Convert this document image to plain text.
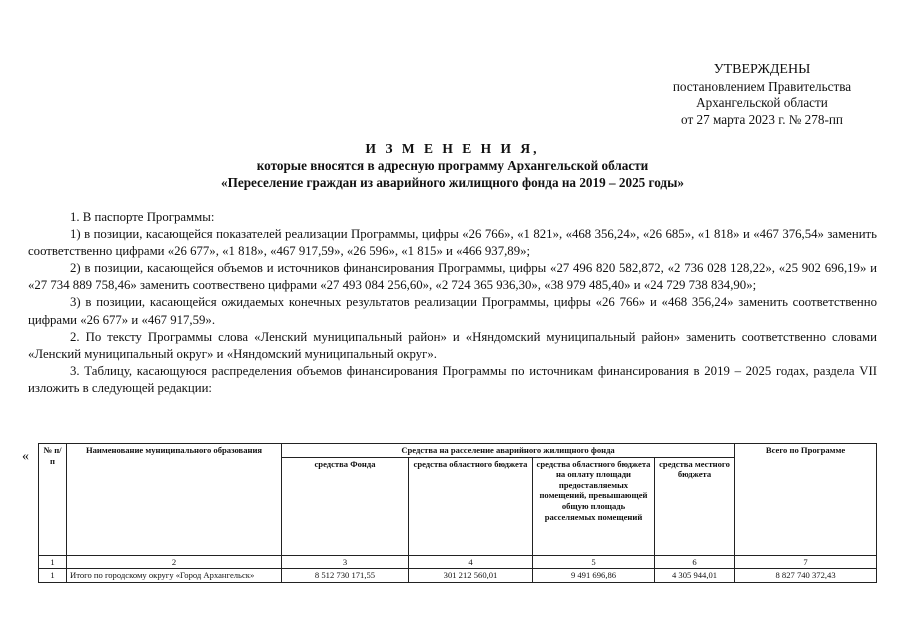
УТВЕРЖДЕНЫ
постановлением Правительства
Архангельской области
от 27 марта 2023 г. № 278-пп
И З М Е Н Е Н И Я,
которые вносятся в адресную программу Архангельской области
«Переселение граждан из аварийного жилищного фонда на 2019 – 2025 годы»

1. В паспорте Программы:

1) в позиции, касающейся показателей реализации Программы, цифры «26 766», «1 821», «468 356,24», «26 685», «1 818» и «467 376,54» заменить соответственно цифрами «26 677», «1 818», «467 917,59», «26 596», «1 815» и «466 937,89»;

2) в позиции, касающейся объемов и источников финансирования Программы, цифры «27 496 820 582,872, «2 736 028 128,22», «25 902 696,19» и «27 734 889 758,46» заменить соотвествено цифрами «27 493 084 256,60», «2 724 365 936,30», «38 979 485,40» и «24 729 738 834,90»;

3) в позиции, касающейся ожидаемых конечных результатов реализации Программы, цифры «26 766» и «468 356,24» заменить соответственно цифрами «26 677» и «467 917,59».

2. По тексту Программы слова «Ленский муниципальный район» и «Няндомский муниципальный район» заменить соответственно словами «Ленский муниципальный округ» и «Няндомский муниципальный округ».

3. Таблицу, касающуюся распределения объемов финансирования Программы по источникам финансирования в 2019 – 2025 годах, раздела VII изложить в следующей редакции:

« № п/п	Наименование муниципального образования	Средства на расселение аварийного жилищного фонда				Всего по Программе
		средства Фонда	средства областного бюджета	средства областного бюджета на оплату площади предоставляемых помещений, превышающей общую площадь расселяемых помещений	средства местного бюджета	
1	2	3	4	5	6	7
1	Итого по городскому округу «Город Архангельск»	8 512 730 171,55	301 212 560,01	9 491 696,86	4 305 944,01	8 827 740 372,43
